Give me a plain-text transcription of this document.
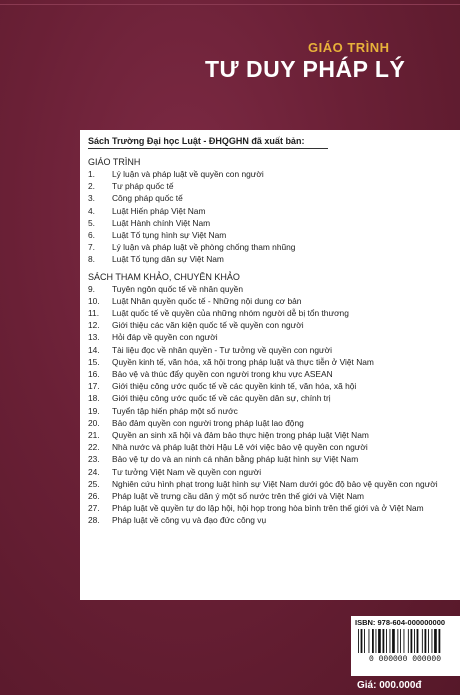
GIÁO TRÌNH
TƯ DUY PHÁP LÝ
Sách Trường Đại học Luật - ĐHQGHN đã xuất bản:
GIÁO TRÌNH
1.	Lý luận và pháp luật về quyền con người
2.	Tư pháp quốc tế
3.	Công pháp quốc tế
4.	Luật Hiến pháp Việt Nam
5.	Luật Hành chính Việt Nam
6.	Luật Tố tụng hình sự Việt Nam
7.	Lý luận và pháp luật về phòng chống tham nhũng
8.	Luật Tố tụng dân sự Việt Nam
SÁCH THAM KHẢO, CHUYÊN KHẢO
9.	Tuyên ngôn quốc tế về nhân quyền
10.	Luật Nhân quyền quốc tế - Những nội dung cơ bản
11.	Luật quốc tế về quyền của những nhóm người dễ bị tổn thương
12.	Giới thiệu các văn kiện quốc tế về quyền con người
13.	Hỏi đáp về quyền con người
14.	Tài liệu đọc về nhân quyền - Tư tưởng về quyền con người
15.	Quyền kinh tế, văn hóa, xã hội trong pháp luật và thực tiễn ở Việt Nam
16.	Bảo vệ và thúc đẩy quyền con người trong khu vực ASEAN
17.	Giới thiệu công ước quốc tế về các quyền kinh tế, văn hóa, xã hội
18.	Giới thiệu công ước quốc tế về các quyền dân sự, chính trị
19.	Tuyển tập hiến pháp một số nước
20.	Bảo đảm quyền con người trong pháp luật lao động
21.	Quyền an sinh xã hội và đảm bảo thực hiện trong pháp luật Việt Nam
22.	Nhà nước và pháp luật thời Hậu Lê với việc bảo vệ quyền con người
23.	Bảo vệ tự do và an ninh cá nhân bằng pháp luật hình sự Việt Nam
24.	Tư tưởng Việt Nam về quyền con người
25.	Nghiên cứu hình phạt trong luật hình sự Việt Nam dưới góc độ bảo vệ quyền con người
26.	Pháp luật về trưng cầu dân ý một số nước trên thế giới và Việt Nam
27.	Pháp luật về quyền tự do lập hội, hội họp trong hòa bình trên thế giới và ở Việt Nam
28.	Pháp luật về công vụ và đạo đức công vụ
ISBN: 978-604-000000000
0 000000 000000
Giá: 000.000đ
